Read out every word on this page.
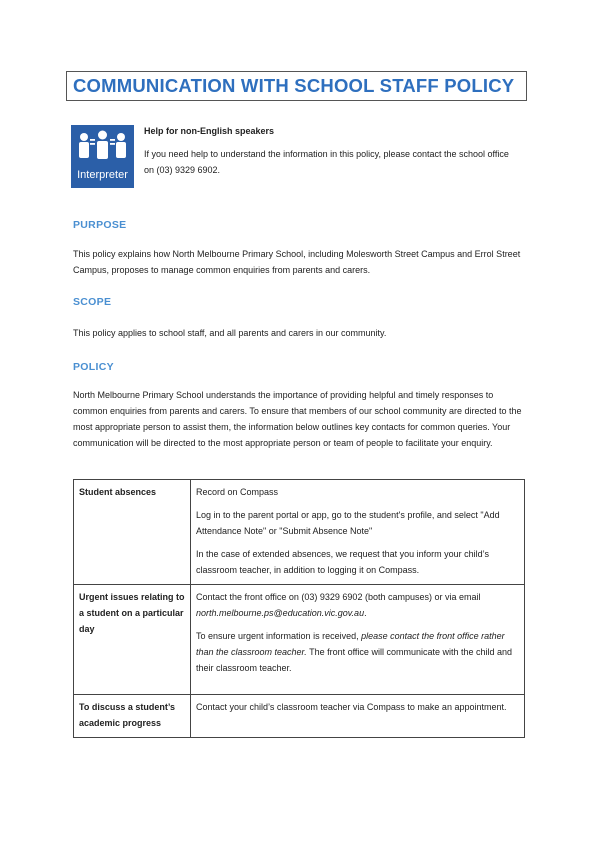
COMMUNICATION WITH SCHOOL STAFF POLICY
Interpreter
Help for non-English speakers
If you need help to understand the information in this policy, please contact the school office on (03) 9329 6902.
PURPOSE
This policy explains how North Melbourne Primary School, including Molesworth Street Campus and Errol Street Campus, proposes to manage common enquiries from parents and carers.
SCOPE
This policy applies to school staff, and all parents and carers in our community.
POLICY
North Melbourne Primary School understands the importance of providing helpful and timely responses to common enquiries from parents and carers. To ensure that members of our school community are directed to the most appropriate person to assist them, the information below outlines key contacts for common queries. Your communication will be directed to the most appropriate person or team of people to facilitate your enquiry.
Student absences	Record on Compass

Log in to the parent portal or app, go to the student's profile, and select "Add Attendance Note" or "Submit Absence Note"

In the case of extended absences, we request that you inform your child’s classroom teacher, in addition to logging it on Compass.

Urgent issues relating to a student on a particular day	Contact the front office on (03) 9329 6902 (both campuses) or via email north.melbourne.ps@education.vic.gov.au.

To ensure urgent information is received, please contact the front office rather than the classroom teacher. The front office will communicate with the child and their classroom teacher.

To discuss a student’s academic progress	Contact your child’s classroom teacher via Compass to make an appointment.
